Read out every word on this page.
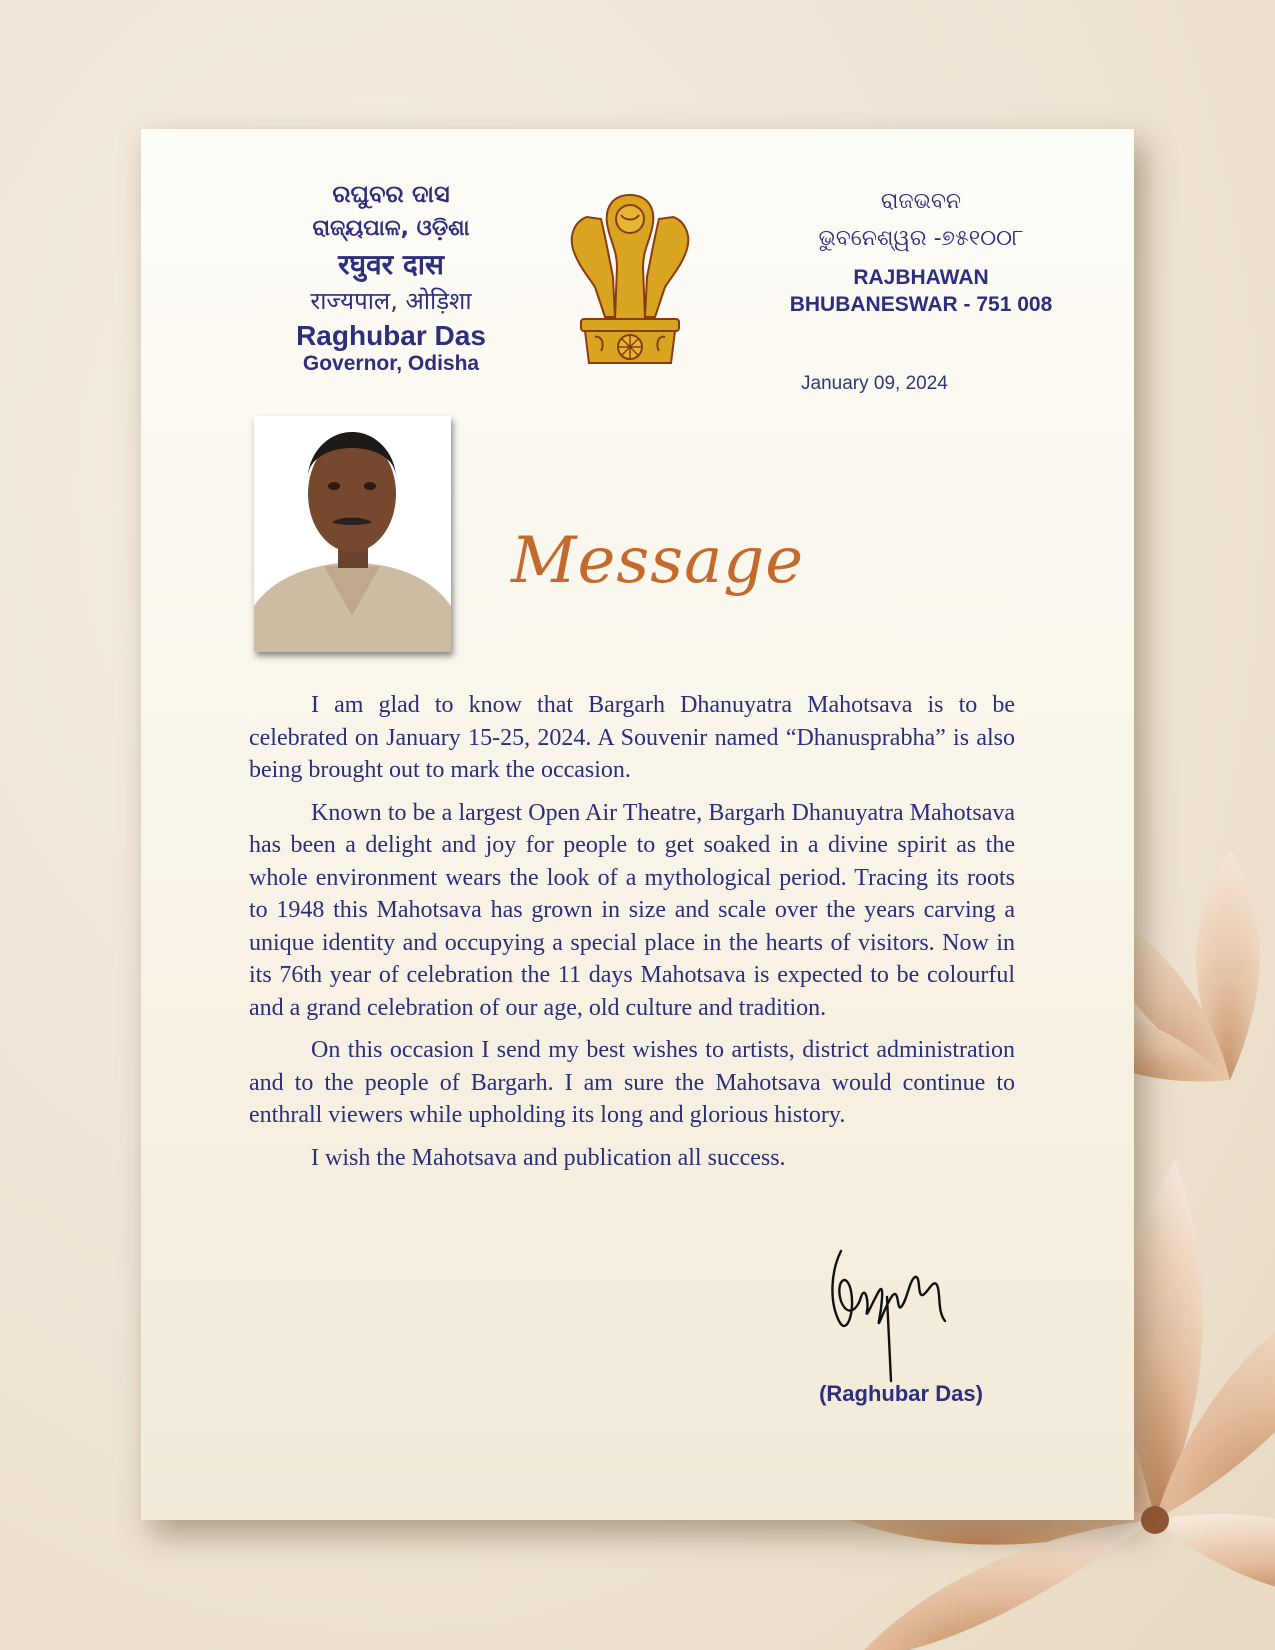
ରଘୁବର ଦାସ
ରାଜ୍ୟପାଳ, ଓଡ଼ିଶା
रघुवर दास
राज्यपाल, ओड़िशा
Raghubar Das
Governor, Odisha
ରାଜଭବନ
ଭୁବନେଶ୍ୱର -୭୫୧୦୦୮
RAJBHAWAN
BHUBANESWAR - 751 008
January 09, 2024
Message

I am glad to know that Bargarh Dhanuyatra Mahotsava is to be celebrated on January 15-25, 2024. A Souvenir named “Dhanusprabha” is also being brought out to mark the occasion.

Known to be a largest Open Air Theatre, Bargarh Dhanuyatra Mahotsava has been a delight and joy for people to get soaked in a divine spirit as the whole environment wears the look of a mythological period. Tracing its roots to 1948 this Mahotsava has grown in size and scale over the years carving a unique identity and occupying a special place in the hearts of visitors. Now in its 76th year of celebration the 11 days Mahotsava is expected to be colourful and a grand celebration of our age, old culture and tradition.

On this occasion I send my best wishes to artists, district administration and to the people of Bargarh. I am sure the Mahotsava would continue to enthrall viewers while upholding its long and glorious history.

I wish the Mahotsava and publication all success.

(Raghubar Das)
